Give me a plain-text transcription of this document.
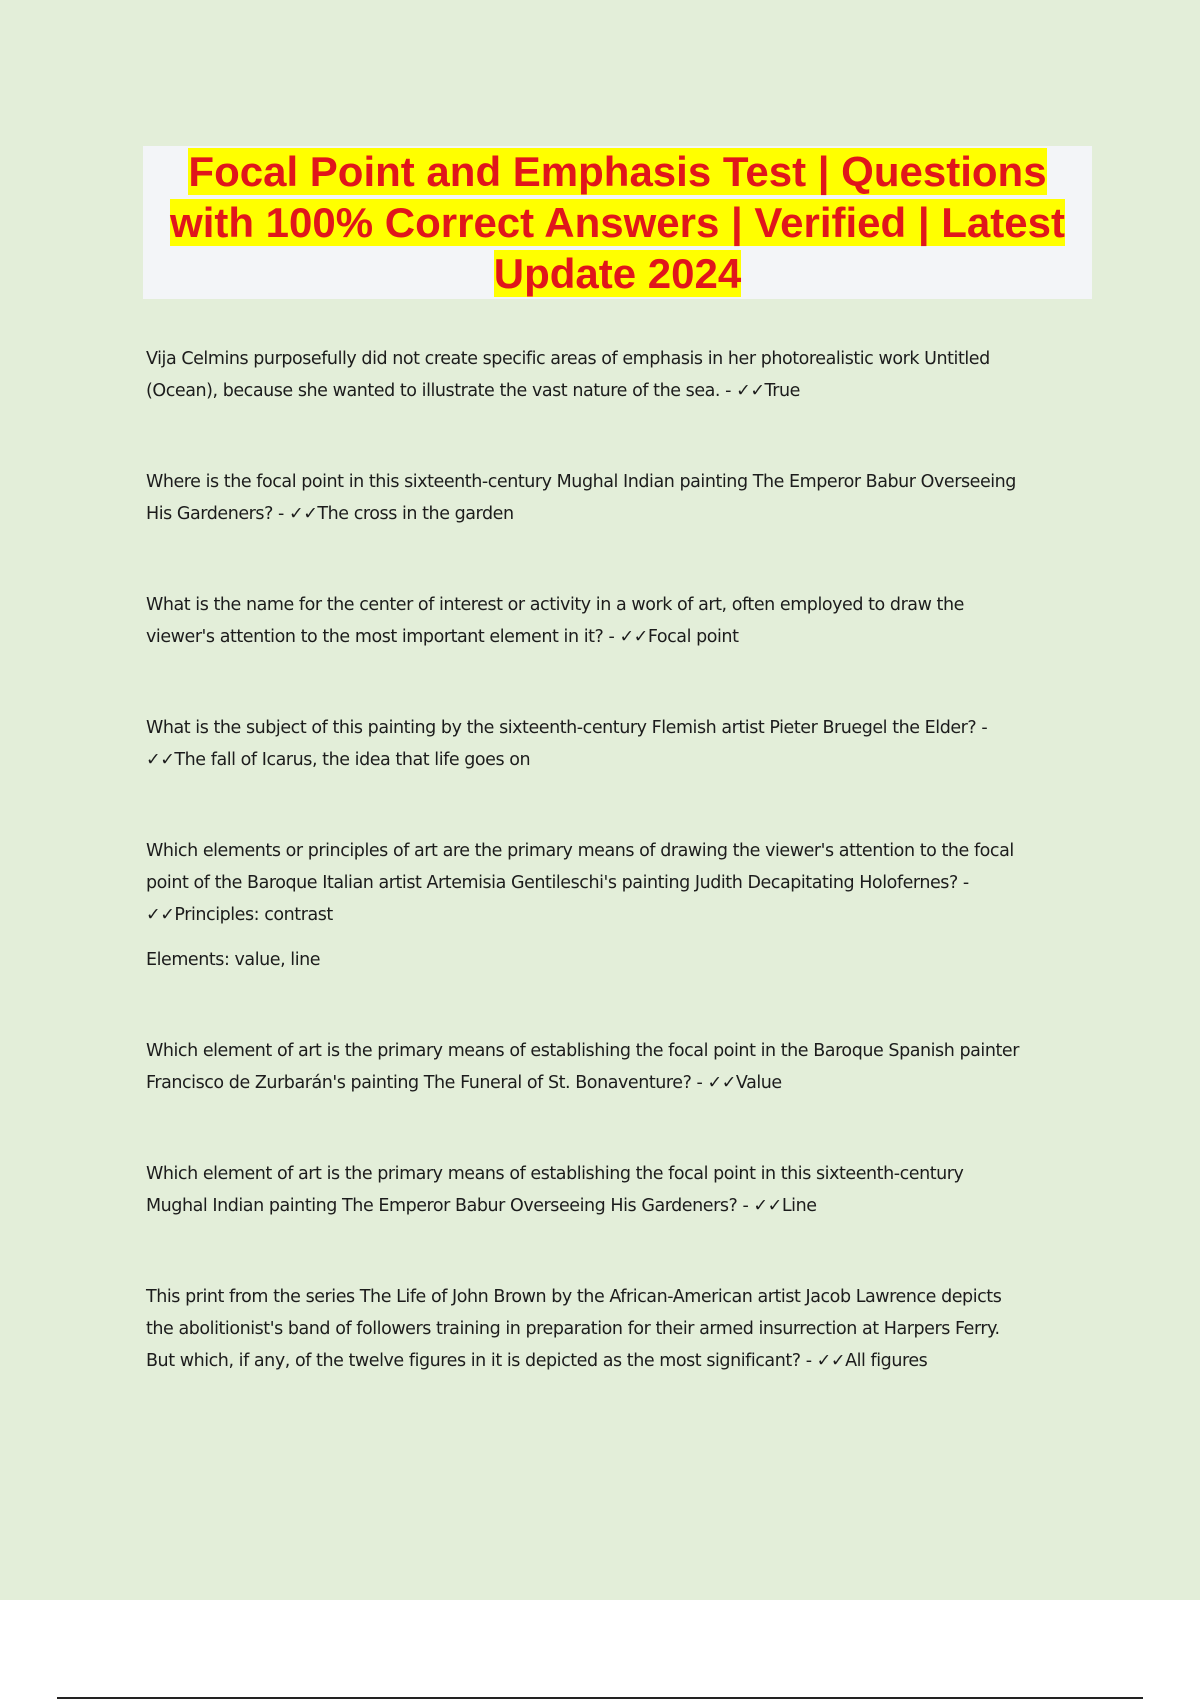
Focal Point and Emphasis Test | Questions with 100% Correct Answers | Verified | Latest Update 2024

Vija Celmins purposefully did not create specific areas of emphasis in her photorealistic work Untitled
(Ocean), because she wanted to illustrate the vast nature of the sea. - ✓✓True

Where is the focal point in this sixteenth-century Mughal Indian painting The Emperor Babur Overseeing
His Gardeners? - ✓✓The cross in the garden

What is the name for the center of interest or activity in a work of art, often employed to draw the
viewer's attention to the most important element in it? - ✓✓Focal point

What is the subject of this painting by the sixteenth-century Flemish artist Pieter Bruegel the Elder? -
✓✓The fall of Icarus, the idea that life goes on

Which elements or principles of art are the primary means of drawing the viewer's attention to the focal
point of the Baroque Italian artist Artemisia Gentileschi's painting Judith Decapitating Holofernes? -
✓✓Principles: contrast
Elements: value, line

Which element of art is the primary means of establishing the focal point in the Baroque Spanish painter
Francisco de Zurbarán's painting The Funeral of St. Bonaventure? - ✓✓Value

Which element of art is the primary means of establishing the focal point in this sixteenth-century
Mughal Indian painting The Emperor Babur Overseeing His Gardeners? - ✓✓Line

This print from the series The Life of John Brown by the African-American artist Jacob Lawrence depicts
the abolitionist's band of followers training in preparation for their armed insurrection at Harpers Ferry.
But which, if any, of the twelve figures in it is depicted as the most significant? - ✓✓All figures
